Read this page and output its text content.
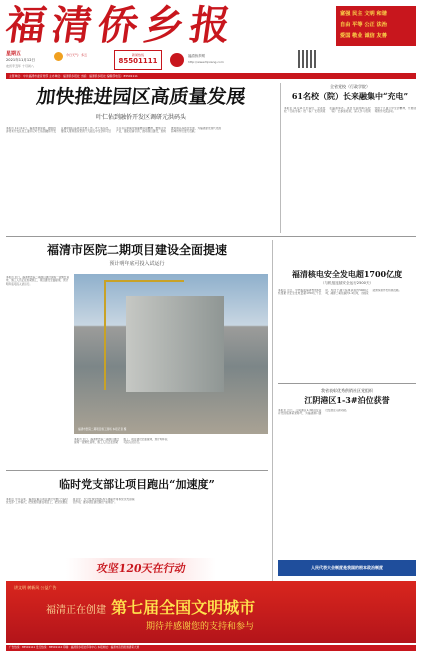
福清侨乡报	富强 民主 文明 和谐
自由 平等 公正 法治
爱国 敬业 诚信 友善
星期五
2021年11月12日
农历辛丑年 十月初八
今日天气：多云	新闻热线
85501111
福清侨乡网
http://www.fqxiang.com
主管单位：中共福清市委宣传部 主办单位：福清侨乡报社 出版：福清侨乡报社 编辑部电话：85501111
加快推进园区高质量发展
叶仁佑到融侨开发区调研元洪码头
本报讯 11月11日，福清市委常委、融侨经济技术开发区党工委书记叶仁佑到融侨开发区调研园区高质量发展工作。叶仁佑指出，要深入贯彻落实党的十九届五中全会和习近平总书记来闽考察重要讲话精神，聚焦主导产业，强化招商引资，推动项目建设，加快推进园区高质量发展，为福清建设现代化国际城市作出更大贡献。
全省党校（行政学院）
61名校（院）长来融集中“充电”
本报讯 11月11日至12日，全省党校（行政学院）校（院）长培训班在福清举办。来自全省的61名校（院）长参加培训，深入学习贯彻党的十九届六中全会精神，开展现场教学交流活动。
福清市医院二期项目建设全面提速
预计明年底可投入试运行
本报讯 近日，福清市医院二期项目建设现场一派繁忙景象，施工人员正在加紧施工，项目建设全面提速，预计明年底可投入试运行。
福清市医院二期项目施工现场 本报记者 摄
本报讯 近日，福清市医院二期项目建设现场一派繁忙景象，施工人员正在加紧施工，项目建设全面提速，预计明年底可投入试运行。
福清核电安全发电超1700亿度
（与机组连续安全运行2500天）
本报讯 近日，中核集团福清核电6台机组累计安全发电量超1700亿千瓦时，相当于减少标煤消耗约5400万吨，减排二氧化碳约1.4亿吨，为国家能源保供作出积极贡献。
我省表彰优秀供销社区党组织
江阴港区1-3#泊位获誉
本报讯 近日，江阴港区1-3#泊位获评先进集体荣誉称号，为福清港口建设发展注入新动能。
人民代表大会制度是我国的根本政治制度
临时党支部让项目跑出“加速度”
本报讯 今年以来，福清在重点项目建设中推行“临时党支部”工作模式，把党组织建在项目上，把党员聚在项目中，充分发挥党组织战斗堡垒作用和党员先锋模范作用，推动项目建设跑出“加速度”。
攻坚120天在行动
讲文明 树新风 公益广告
福清正在创建 第七届全国文明城市
期待并感谢您的支持和参与
广告热线：85501111 发行热线：85501112 印刷：福清侨乡报社印务中心 本报地址：福清市音西街道清荣大道
